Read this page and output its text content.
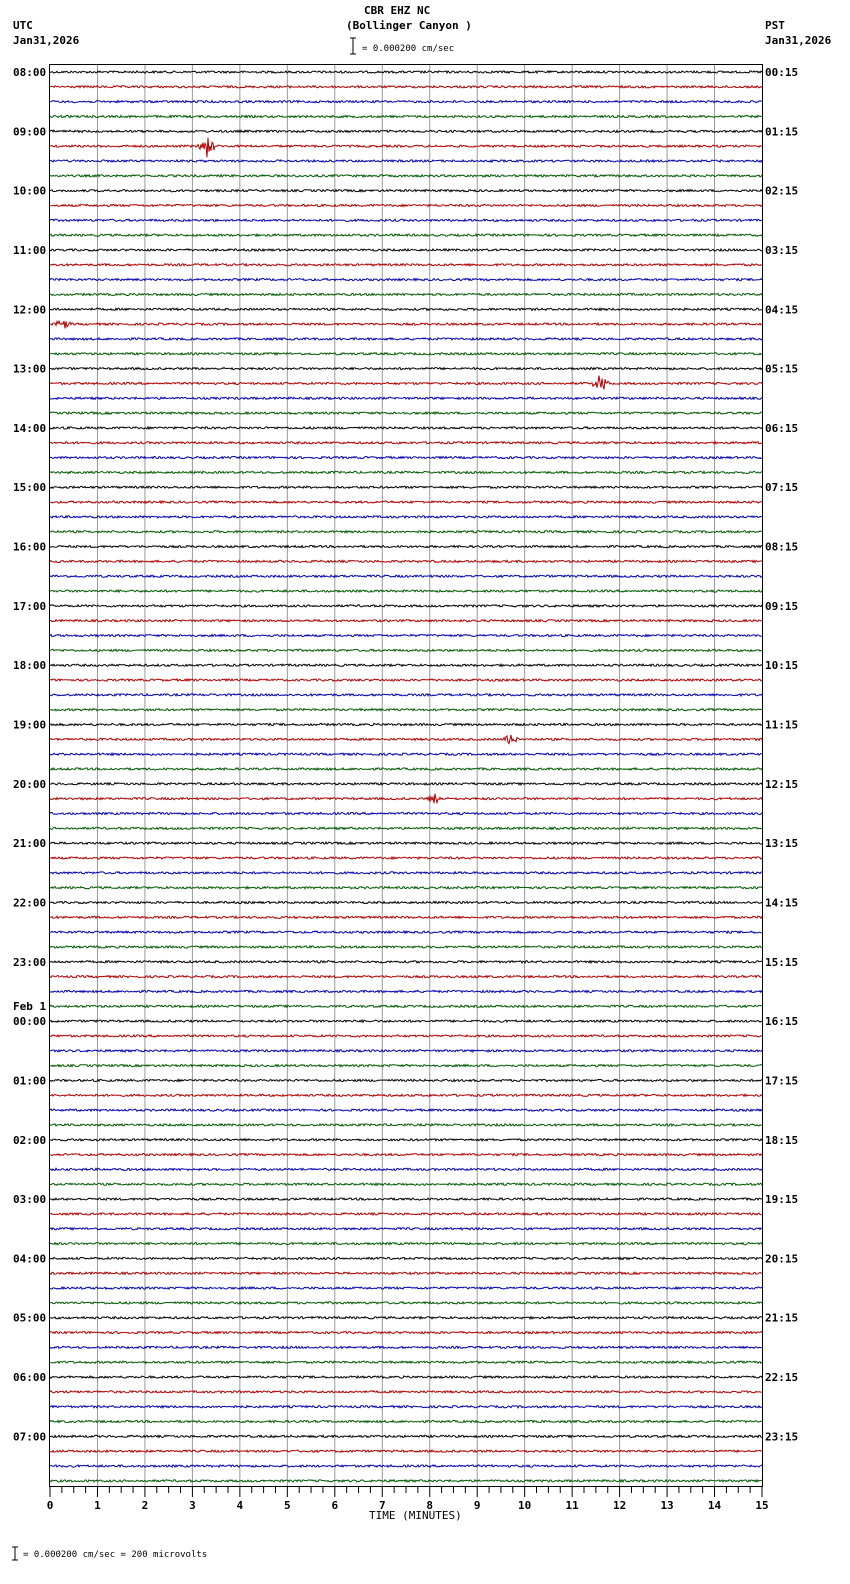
CBR EHZ NC
(Bollinger Canyon )
UTC
Jan31,2026
PST
Jan31,2026
= 0.000200 cm/sec
0	1	2	3	4	5	6	7	8	9	10	11	12	13	14	15
08:00
09:00
10:00
11:00
12:00
13:00
14:00
15:00
16:00
17:00
18:00
19:00
20:00
21:00
22:00
23:00
00:00
01:00
02:00
03:00
04:00
05:00
06:00
07:00
00:15
01:15
02:15
03:15
04:15
05:15
06:15
07:15
08:15
09:15
10:15
11:15
12:15
13:15
14:15
15:15
16:15
17:15
18:15
19:15
20:15
21:15
22:15
23:15
Feb 1
TIME (MINUTES)
= 0.000200 cm/sec = 200 microvolts
